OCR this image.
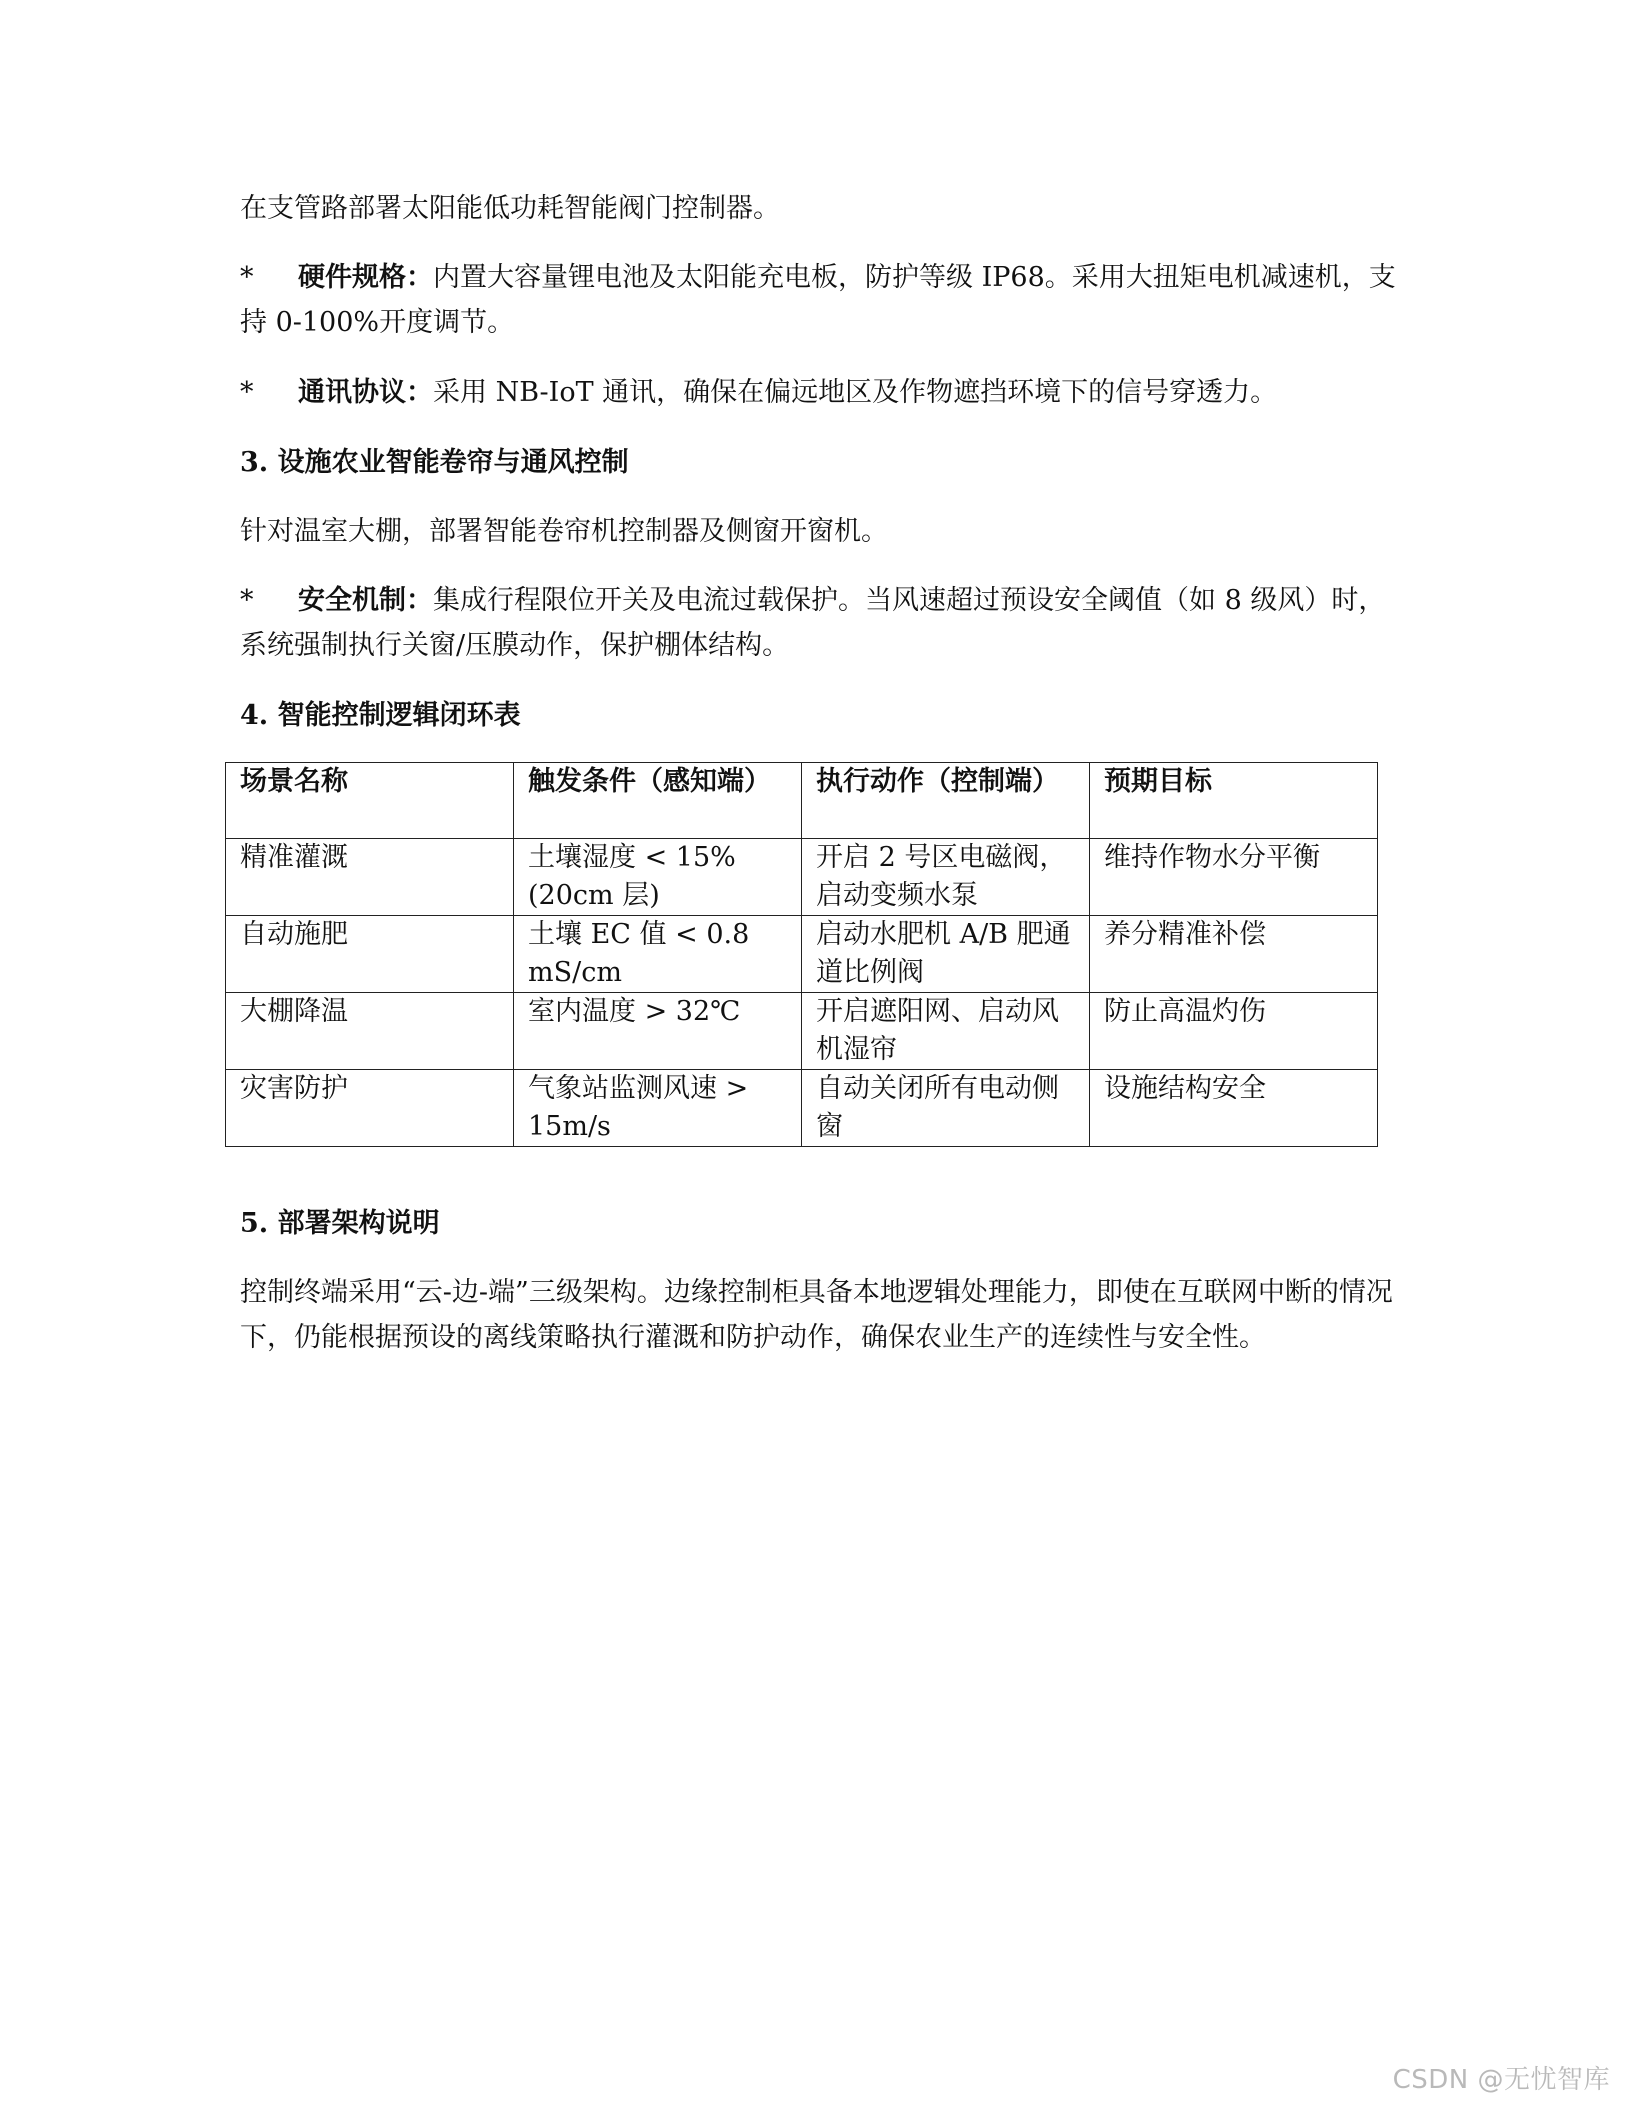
在支管路部署太阳能低功耗智能阀门控制器。

* 硬件规格：内置大容量锂电池及太阳能充电板，防护等级 IP68。采用大扭矩电机减速机，支持 0-100%开度调节。

* 通讯协议：采用 NB-IoT 通讯，确保在偏远地区及作物遮挡环境下的信号穿透力。

3. 设施农业智能卷帘与通风控制

针对温室大棚，部署智能卷帘机控制器及侧窗开窗机。

* 安全机制：集成行程限位开关及电流过载保护。当风速超过预设安全阈值（如 8 级风）时，系统强制执行关窗/压膜动作，保护棚体结构。

4. 智能控制逻辑闭环表

场景名称	触发条件（感知端）	执行动作（控制端）	预期目标
精准灌溉	土壤湿度 < 15% (20cm 层)	开启 2 号区电磁阀，启动变频水泵	维持作物水分平衡
自动施肥	土壤 EC 值 < 0.8 mS/cm	启动水肥机 A/B 肥通道比例阀	养分精准补偿
大棚降温	室内温度 > 32℃	开启遮阳网、启动风机湿帘	防止高温灼伤
灾害防护	气象站监测风速 > 15m/s	自动关闭所有电动侧窗	设施结构安全

5. 部署架构说明

控制终端采用“云-边-端”三级架构。边缘控制柜具备本地逻辑处理能力，即使在互联网中断的情况下，仍能根据预设的离线策略执行灌溉和防护动作，确保农业生产的连续性与安全性。

CSDN @无忧智库
